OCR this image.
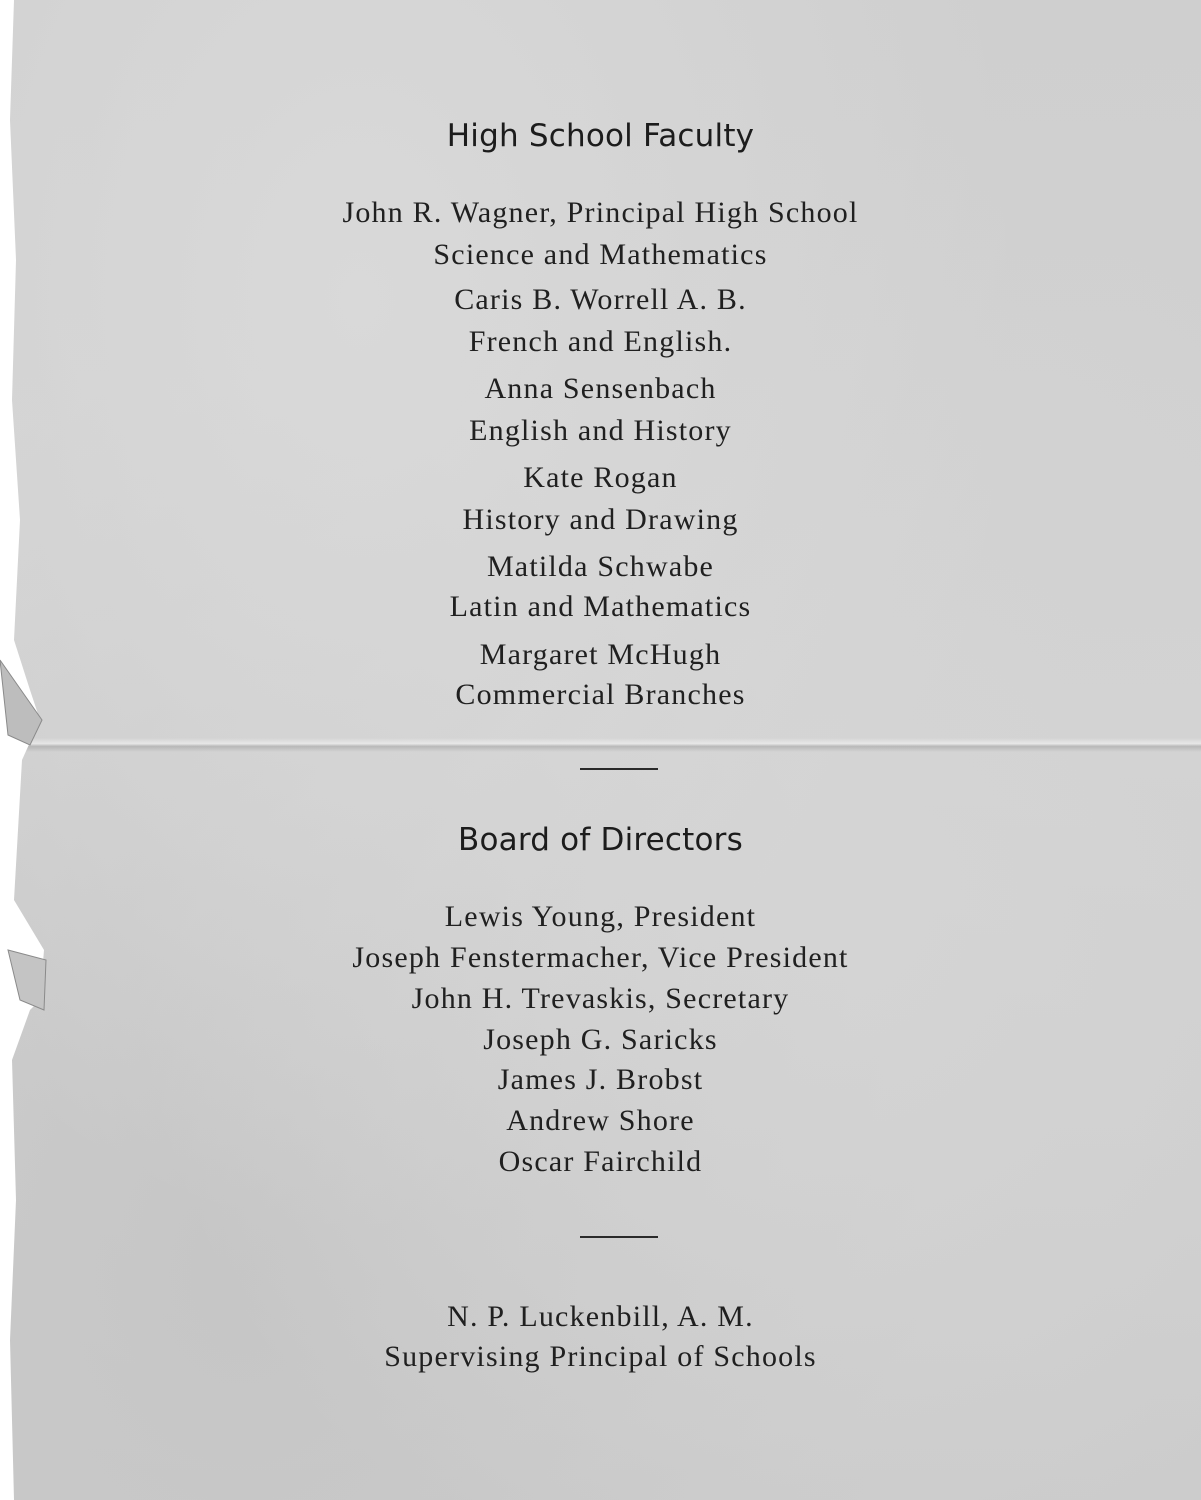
High School Faculty
John R. Wagner, Principal High School
Science and Mathematics
Caris B. Worrell A. B.
French and English.
Anna Sensenbach
English and History
Kate Rogan
History and Drawing
Matilda Schwabe
Latin and Mathematics
Margaret McHugh
Commercial Branches
Board of Directors
Lewis Young, President
Joseph Fenstermacher, Vice President
John H. Trevaskis, Secretary
Joseph G. Saricks
James J. Brobst
Andrew Shore
Oscar Fairchild
N. P. Luckenbill, A. M.
Supervising Principal of Schools
